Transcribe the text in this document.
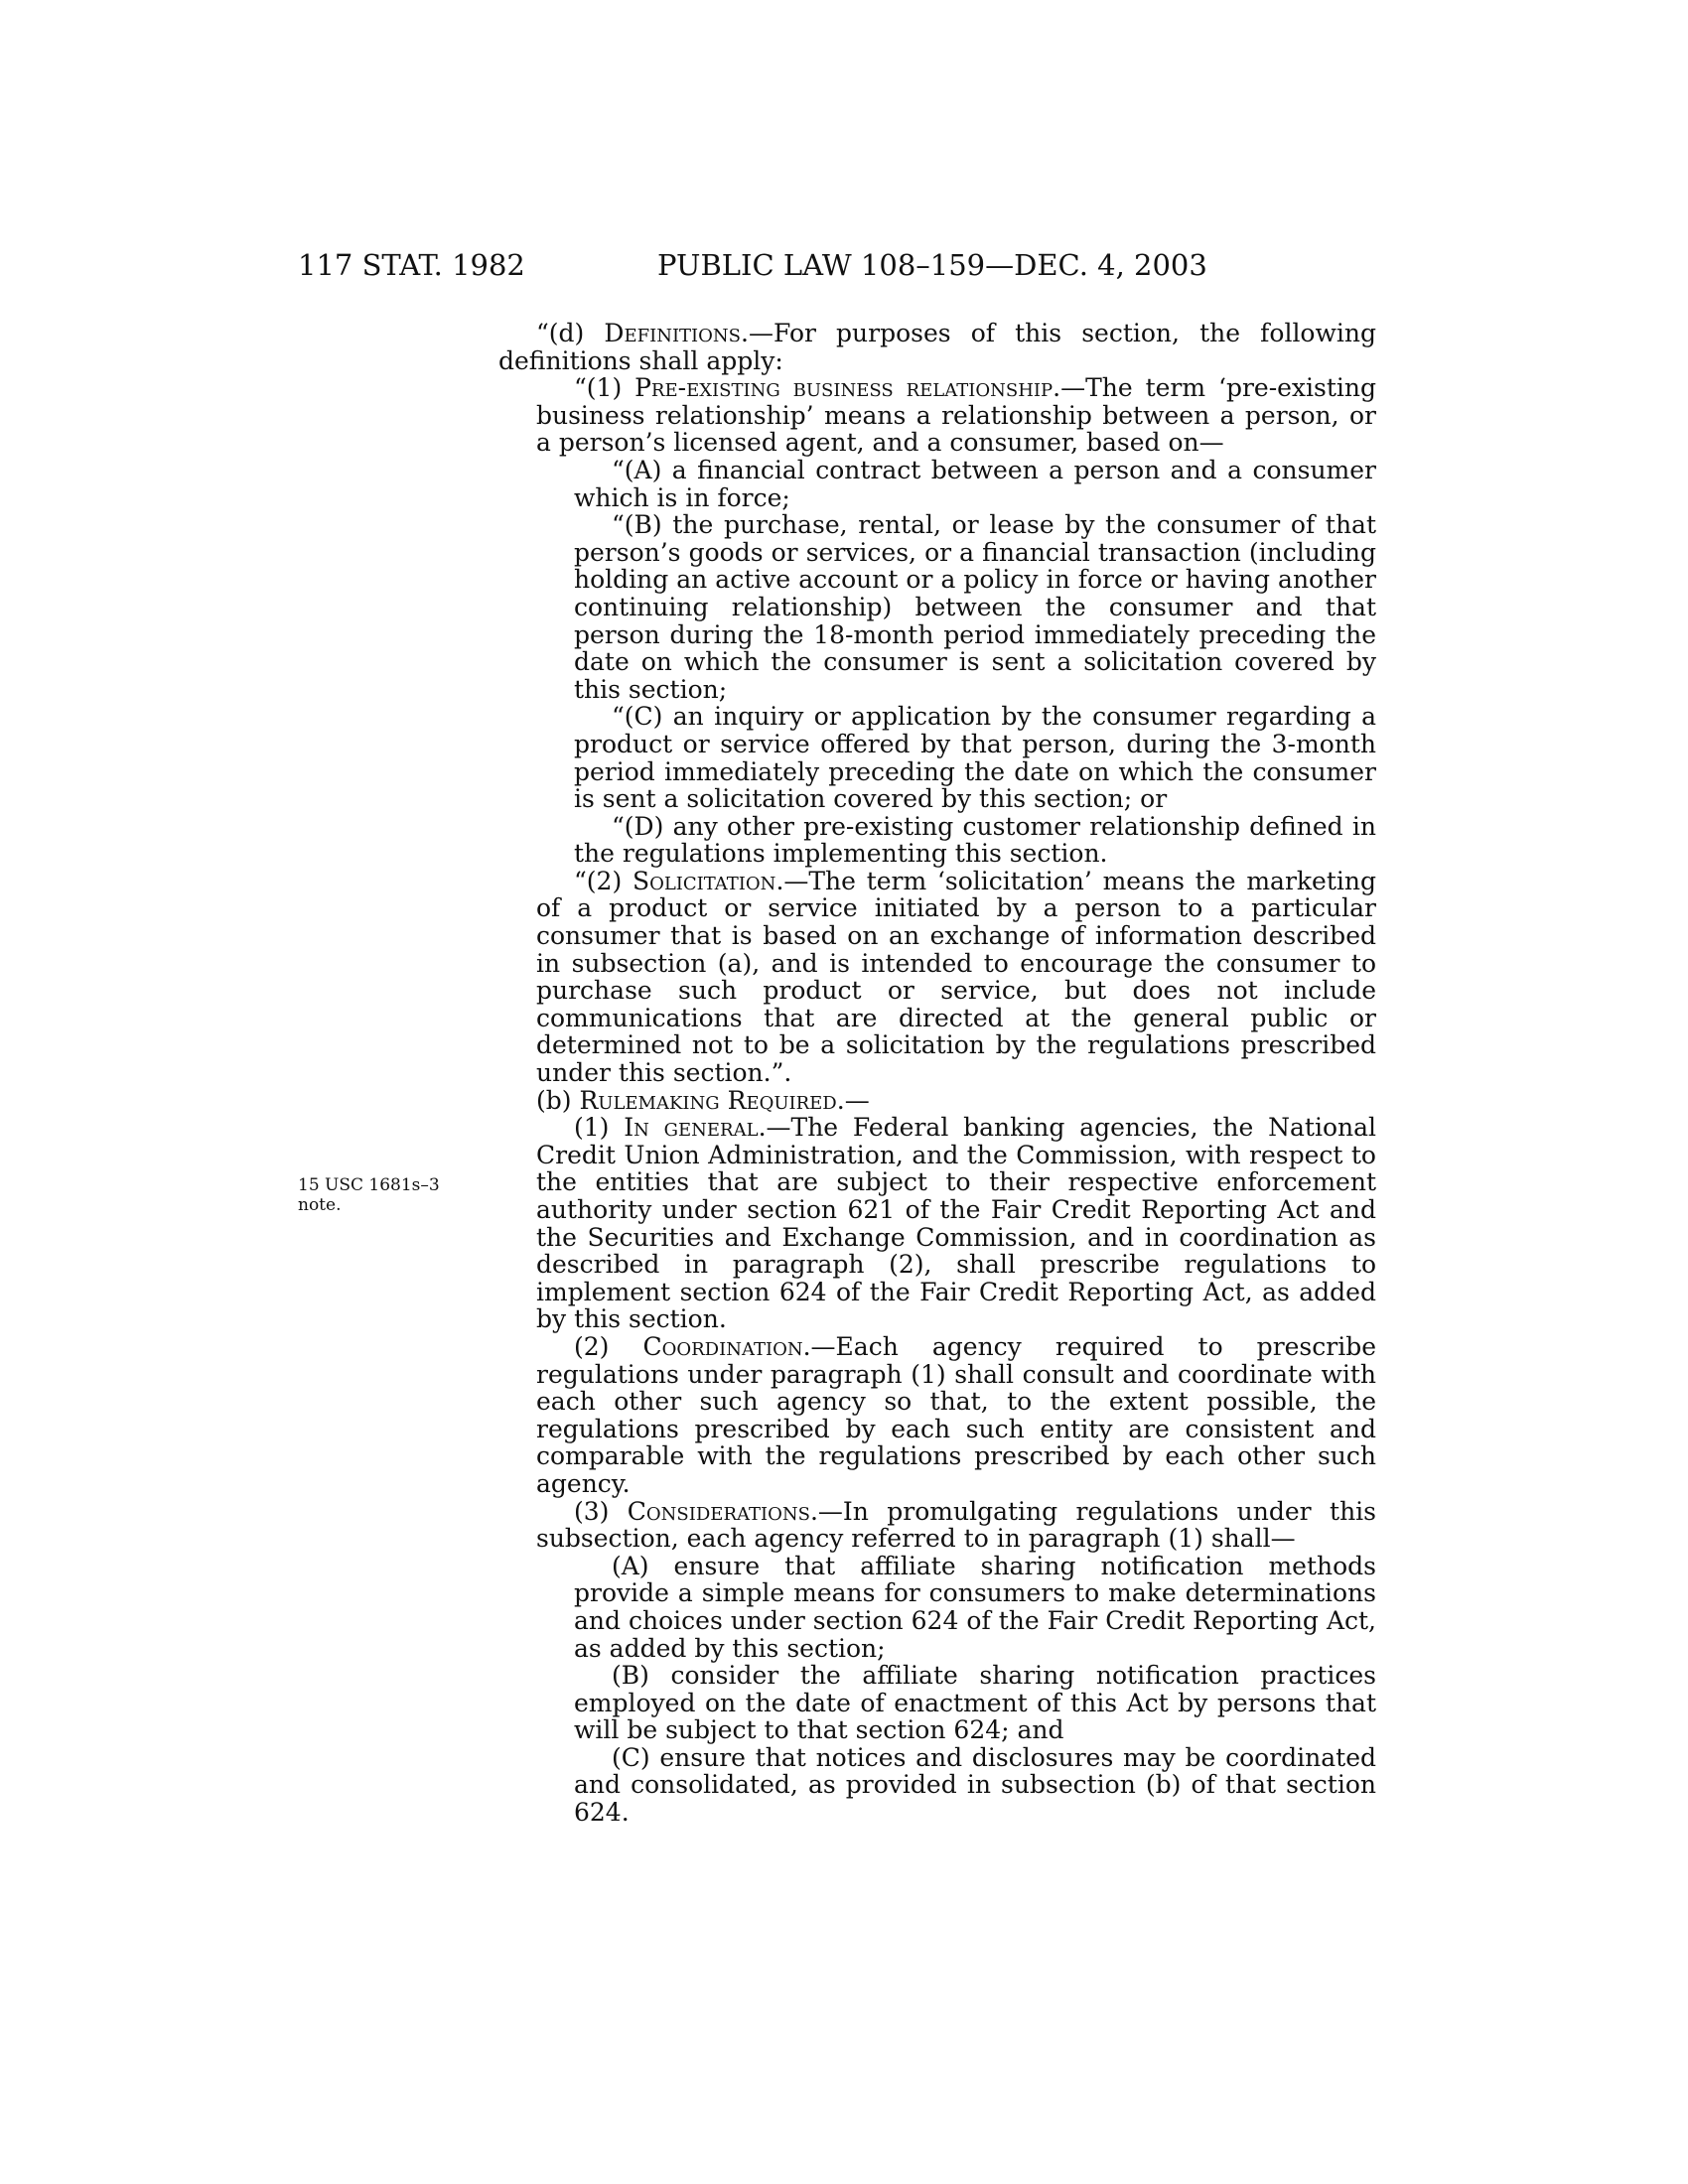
117 STAT. 1982	PUBLIC LAW 108–159—DEC. 4, 2003
15 USC 1681s–3
note.

“(d) Definitions.—For purposes of this section, the following definitions shall apply:

“(1) Pre-existing business relationship.—The term ‘pre-existing business relationship’ means a relationship between a person, or a person’s licensed agent, and a consumer, based on—

“(A) a financial contract between a person and a consumer which is in force;

“(B) the purchase, rental, or lease by the consumer of that person’s goods or services, or a financial transaction (including holding an active account or a policy in force or having another continuing relationship) between the consumer and that person during the 18-month period immediately preceding the date on which the consumer is sent a solicitation covered by this section;

“(C) an inquiry or application by the consumer regarding a product or service offered by that person, during the 3-month period immediately preceding the date on which the consumer is sent a solicitation covered by this section; or

“(D) any other pre-existing customer relationship defined in the regulations implementing this section.

“(2) Solicitation.—The term ‘solicitation’ means the marketing of a product or service initiated by a person to a particular consumer that is based on an exchange of information described in subsection (a), and is intended to encourage the consumer to purchase such product or service, but does not include communications that are directed at the general public or determined not to be a solicitation by the regulations prescribed under this section.”.

(b) Rulemaking Required.—

(1) In general.—The Federal banking agencies, the National Credit Union Administration, and the Commission, with respect to the entities that are subject to their respective enforcement authority under section 621 of the Fair Credit Reporting Act and the Securities and Exchange Commission, and in coordination as described in paragraph (2), shall prescribe regulations to implement section 624 of the Fair Credit Reporting Act, as added by this section.

(2) Coordination.—Each agency required to prescribe regulations under paragraph (1) shall consult and coordinate with each other such agency so that, to the extent possible, the regulations prescribed by each such entity are consistent and comparable with the regulations prescribed by each other such agency.

(3) Considerations.—In promulgating regulations under this subsection, each agency referred to in paragraph (1) shall—

(A) ensure that affiliate sharing notification methods provide a simple means for consumers to make determinations and choices under section 624 of the Fair Credit Reporting Act, as added by this section;

(B) consider the affiliate sharing notification practices employed on the date of enactment of this Act by persons that will be subject to that section 624; and

(C) ensure that notices and disclosures may be coordinated and consolidated, as provided in subsection (b) of that section 624.
